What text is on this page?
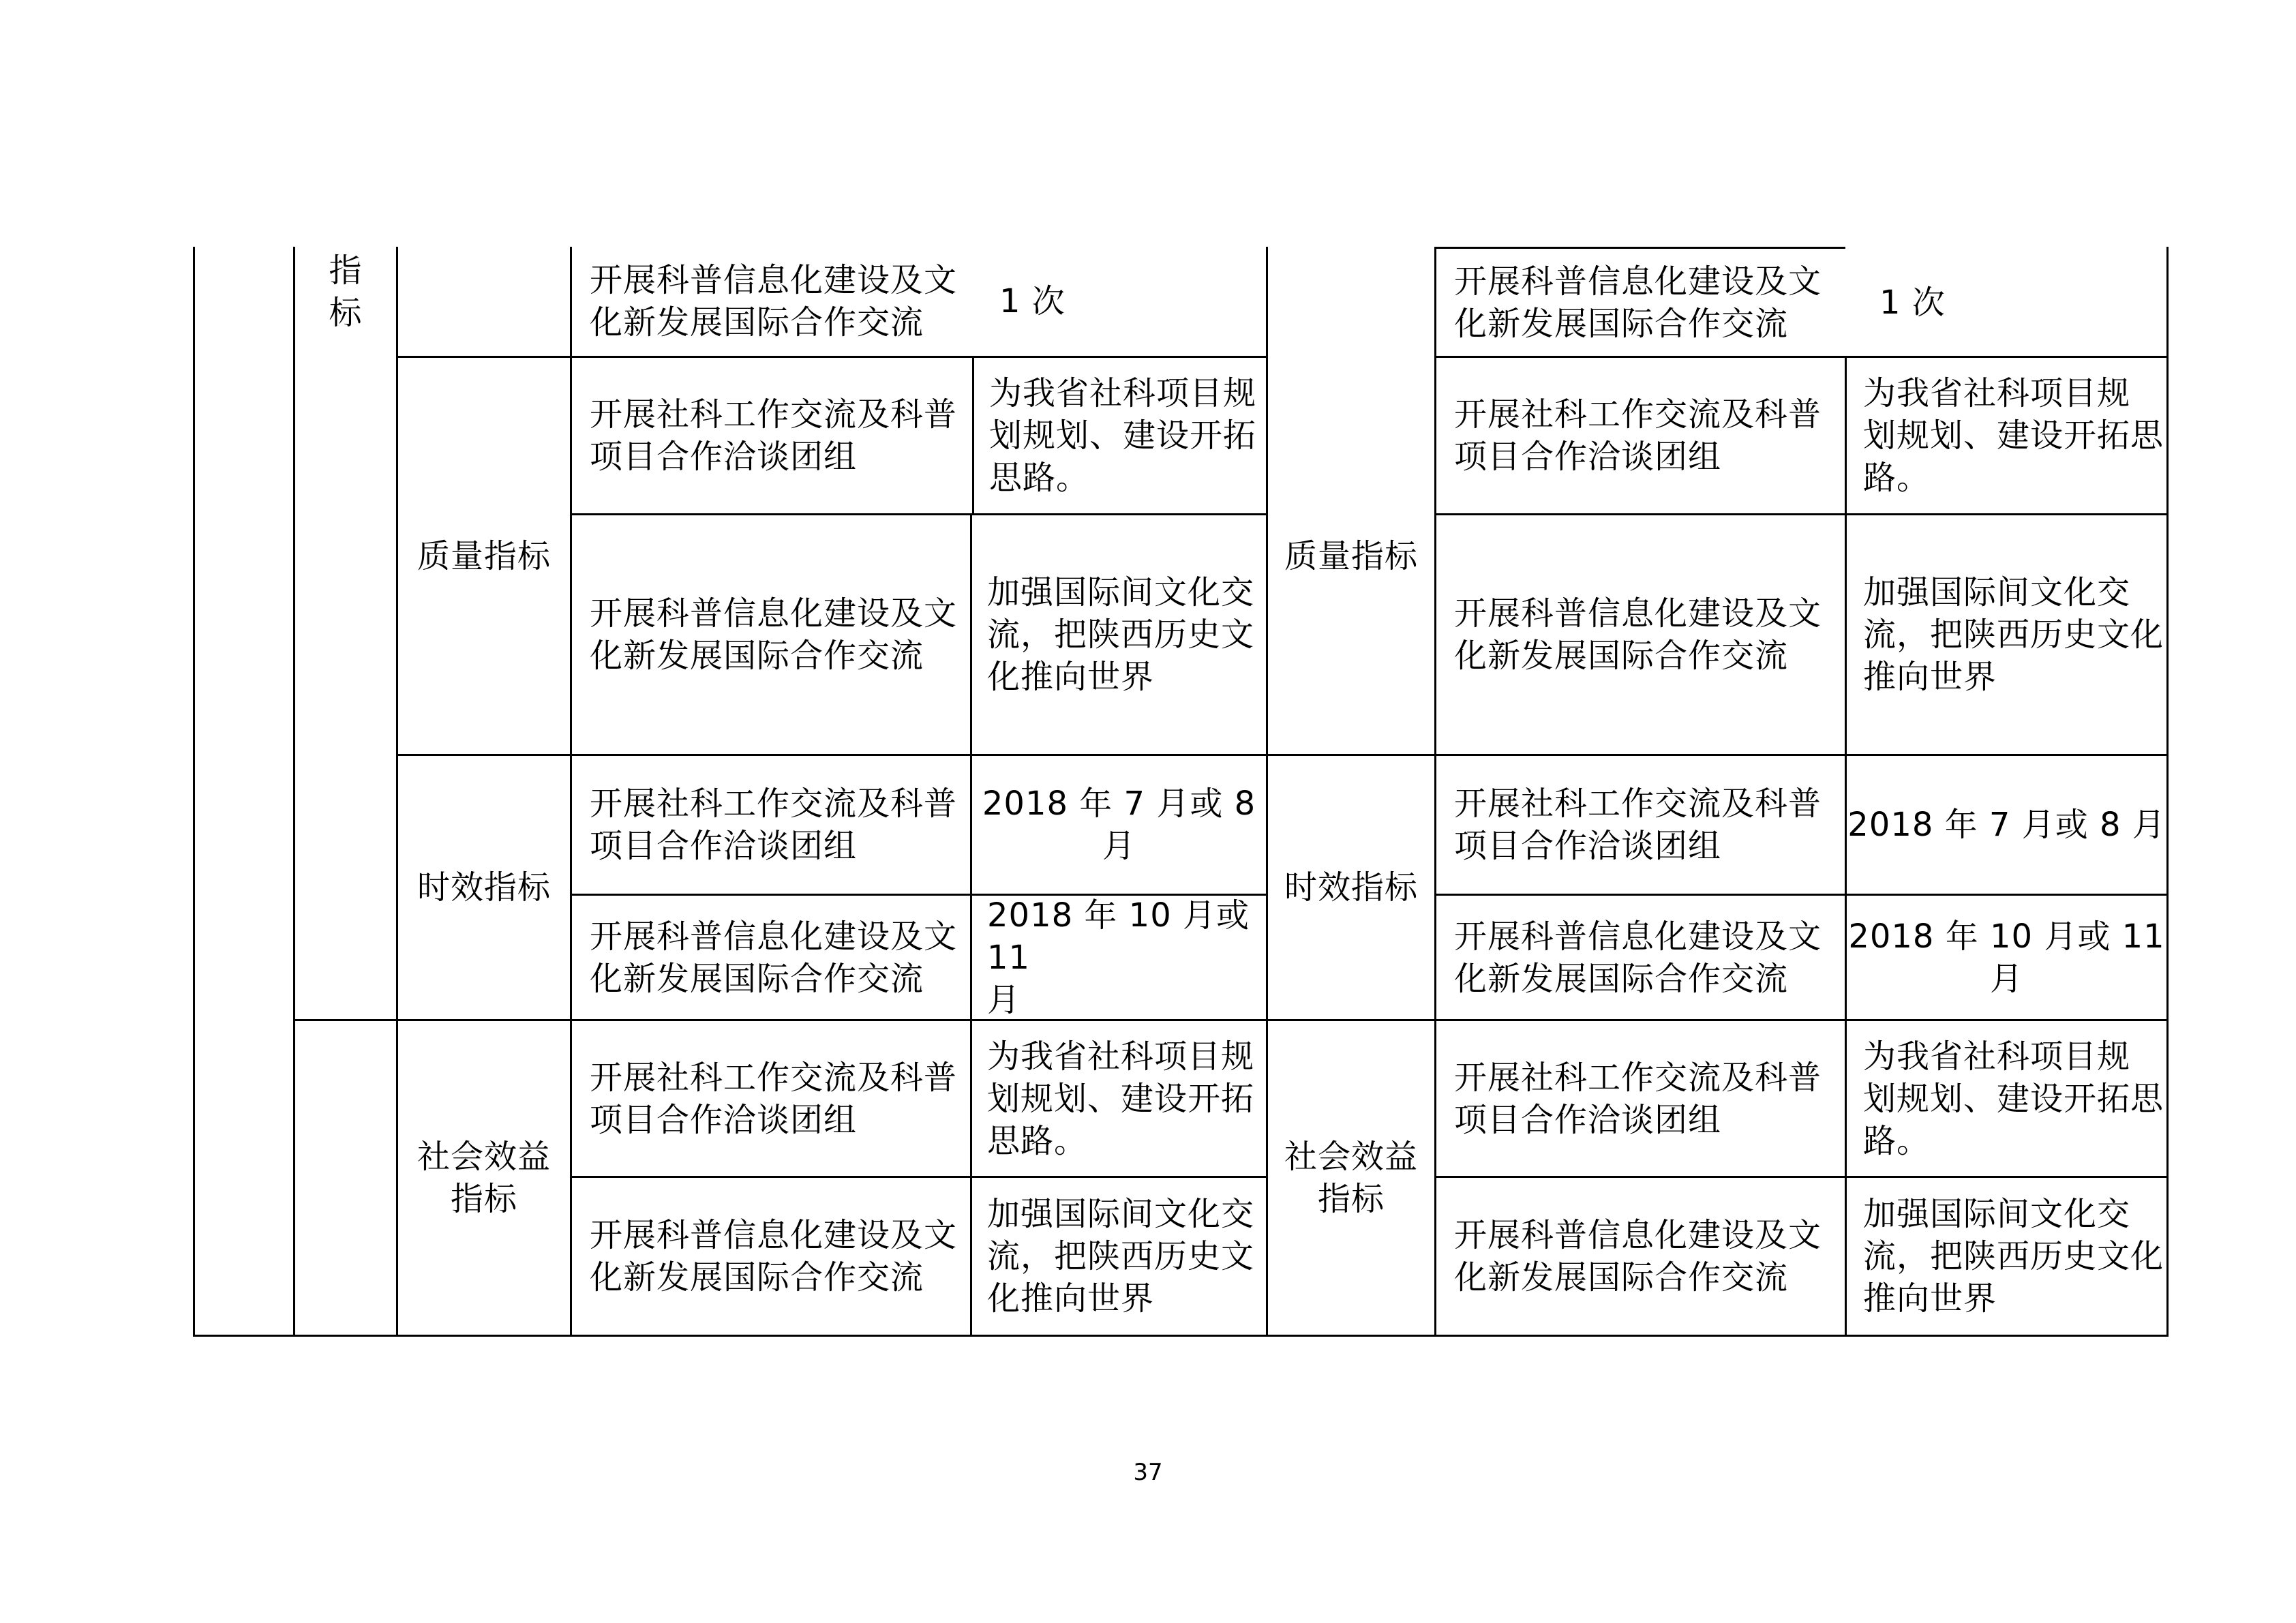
指
标
开展科普信息化建设及文
化新发展国际合作交流
1 次
质量指标
开展社科工作交流及科普
项目合作洽谈团组
为我省社科项目规
划规划、建设开拓
思路。
开展科普信息化建设及文
化新发展国际合作交流
加强国际间文化交
流，把陕西历史文
化推向世界
时效指标
开展社科工作交流及科普
项目合作洽谈团组
2018 年 7 月或 8 月
开展科普信息化建设及文
化新发展国际合作交流
2018 年 10 月或 11
月
社会效益
指标
开展社科工作交流及科普
项目合作洽谈团组
为我省社科项目规
划规划、建设开拓
思路。
开展科普信息化建设及文
化新发展国际合作交流
加强国际间文化交
流，把陕西历史文
化推向世界
开展科普信息化建设及文
化新发展国际合作交流
1 次
质量指标
开展社科工作交流及科普
项目合作洽谈团组
为我省社科项目规
划规划、建设开拓思
路。
开展科普信息化建设及文
化新发展国际合作交流
加强国际间文化交
流，把陕西历史文化
推向世界
时效指标
开展社科工作交流及科普
项目合作洽谈团组
2018 年 7 月或 8 月
开展科普信息化建设及文
化新发展国际合作交流
2018 年 10 月或 11 月
社会效益
指标
开展社科工作交流及科普
项目合作洽谈团组
为我省社科项目规
划规划、建设开拓思
路。
开展科普信息化建设及文
化新发展国际合作交流
加强国际间文化交
流，把陕西历史文化
推向世界
37
